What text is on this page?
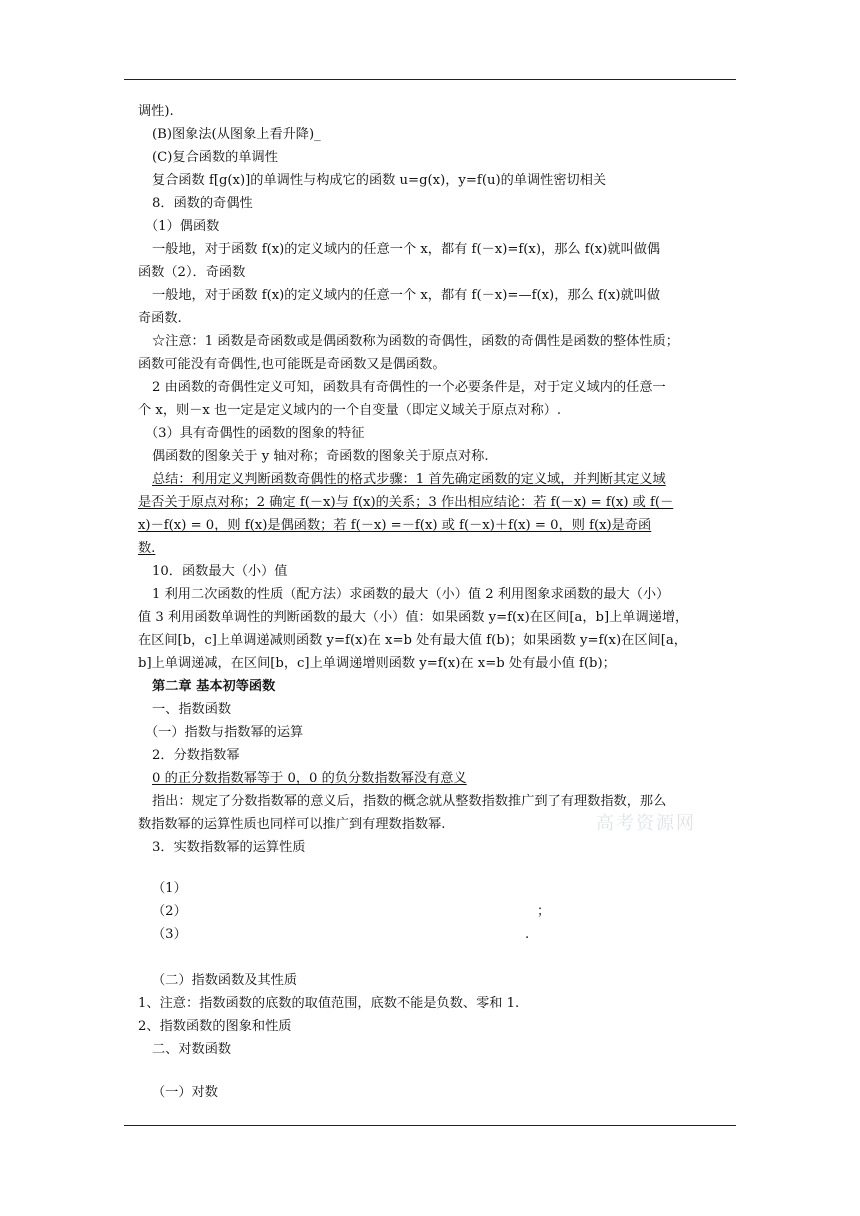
调性).
(B)图象法(从图象上看升降)_
(C)复合函数的单调性
复合函数 f[g(x)]的单调性与构成它的函数 u=g(x)，y=f(u)的单调性密切相关
8．函数的奇偶性
（1）偶函数
一般地，对于函数 f(x)的定义域内的任意一个 x，都有 f(－x)=f(x)，那么 f(x)就叫做偶
函数（2）．奇函数
一般地，对于函数 f(x)的定义域内的任意一个 x，都有 f(－x)=—f(x)，那么 f(x)就叫做
奇函数.
☆注意：1 函数是奇函数或是偶函数称为函数的奇偶性，函数的奇偶性是函数的整体性质；
函数可能没有奇偶性,也可能既是奇函数又是偶函数。
2 由函数的奇偶性定义可知，函数具有奇偶性的一个必要条件是，对于定义域内的任意一
个 x，则－x 也一定是定义域内的一个自变量（即定义域关于原点对称）.
（3）具有奇偶性的函数的图象的特征
偶函数的图象关于 y 轴对称；奇函数的图象关于原点对称.
总结：利用定义判断函数奇偶性的格式步骤：1 首先确定函数的定义域，并判断其定义域
是否关于原点对称；2 确定 f(－x)与 f(x)的关系；3 作出相应结论：若 f(－x) = f(x) 或 f(－
x)－f(x) = 0，则 f(x)是偶函数；若 f(－x) =－f(x) 或 f(－x)＋f(x) = 0，则 f(x)是奇函
数.
10．函数最大（小）值
1 利用二次函数的性质（配方法）求函数的最大（小）值 2 利用图象求函数的最大（小）
值 3 利用函数单调性的判断函数的最大（小）值：如果函数 y=f(x)在区间[a，b]上单调递增，
在区间[b，c]上单调递减则函数 y=f(x)在 x=b 处有最大值 f(b)；如果函数 y=f(x)在区间[a，
b]上单调递减，在区间[b，c]上单调递增则函数 y=f(x)在 x=b 处有最小值 f(b)；
第二章 基本初等函数
一、指数函数
（一）指数与指数幂的运算
2．分数指数幂
0 的正分数指数幂等于 0，0 的负分数指数幂没有意义
指出：规定了分数指数幂的意义后，指数的概念就从整数指数推广到了有理数指数，那么
数指数幂的运算性质也同样可以推广到有理数指数幂.
3．实数指数幂的运算性质
（1）
（2）	；
（3）	.
（二）指数函数及其性质
1、注意：指数函数的底数的取值范围，底数不能是负数、零和 1.
2、指数函数的图象和性质
二、对数函数
（一）对数
高考资源网
